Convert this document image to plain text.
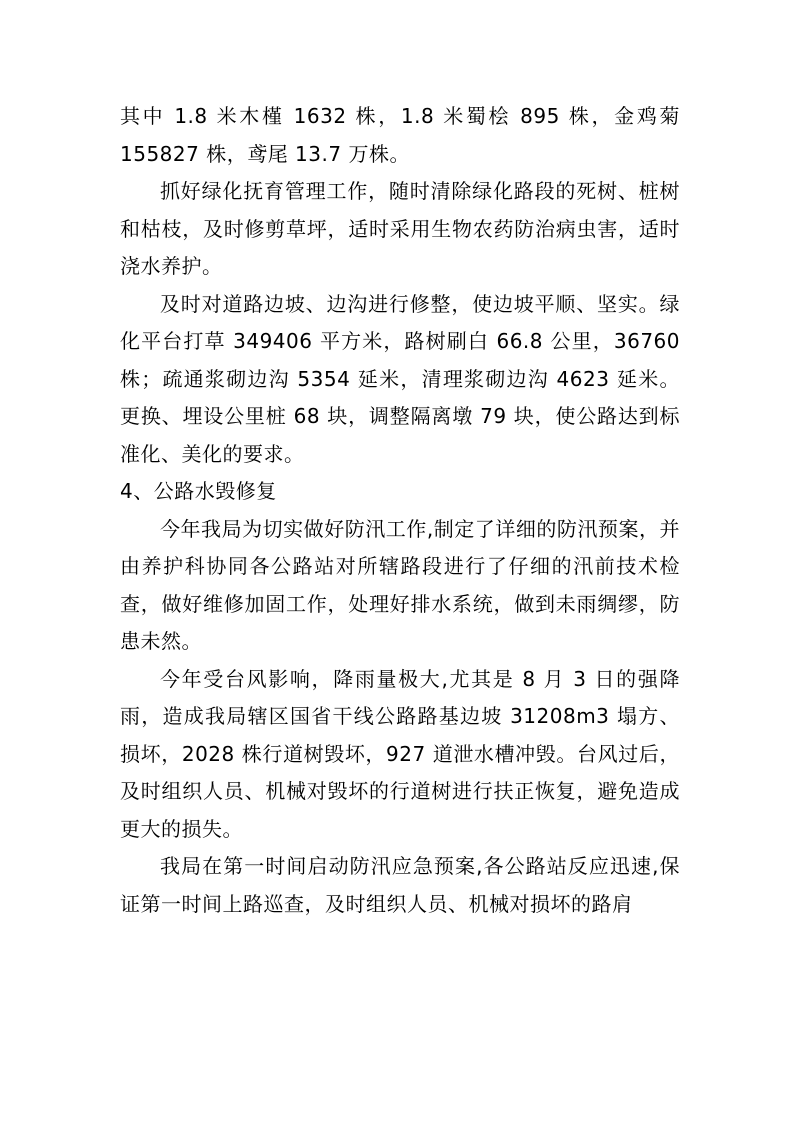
其中 1.8 米木槿 1632 株，1.8 米蜀桧 895 株，金鸡菊 155827 株，鸢尾 13.7 万株。

抓好绿化抚育管理工作，随时清除绿化路段的死树、桩树和枯枝，及时修剪草坪，适时采用生物农药防治病虫害，适时浇水养护。

及时对道路边坡、边沟进行修整，使边坡平顺、坚实。绿化平台打草 349406 平方米，路树刷白 66.8 公里，36760 株；疏通浆砌边沟 5354 延米，清理浆砌边沟 4623 延米。更换、埋设公里桩 68 块，调整隔离墩 79 块，使公路达到标准化、美化的要求。

4、公路水毁修复

今年我局为切实做好防汛工作,制定了详细的防汛预案，并由养护科协同各公路站对所辖路段进行了仔细的汛前技术检查，做好维修加固工作，处理好排水系统，做到未雨绸缪，防患未然。

今年受台风影响，降雨量极大,尤其是 8 月 3 日的强降雨，造成我局辖区国省干线公路路基边坡 31208m3 塌方、损坏，2028 株行道树毁坏，927 道泄水槽冲毁。台风过后，及时组织人员、机械对毁坏的行道树进行扶正恢复，避免造成更大的损失。

我局在第一时间启动防汛应急预案,各公路站反应迅速,保证第一时间上路巡查，及时组织人员、机械对损坏的路肩
